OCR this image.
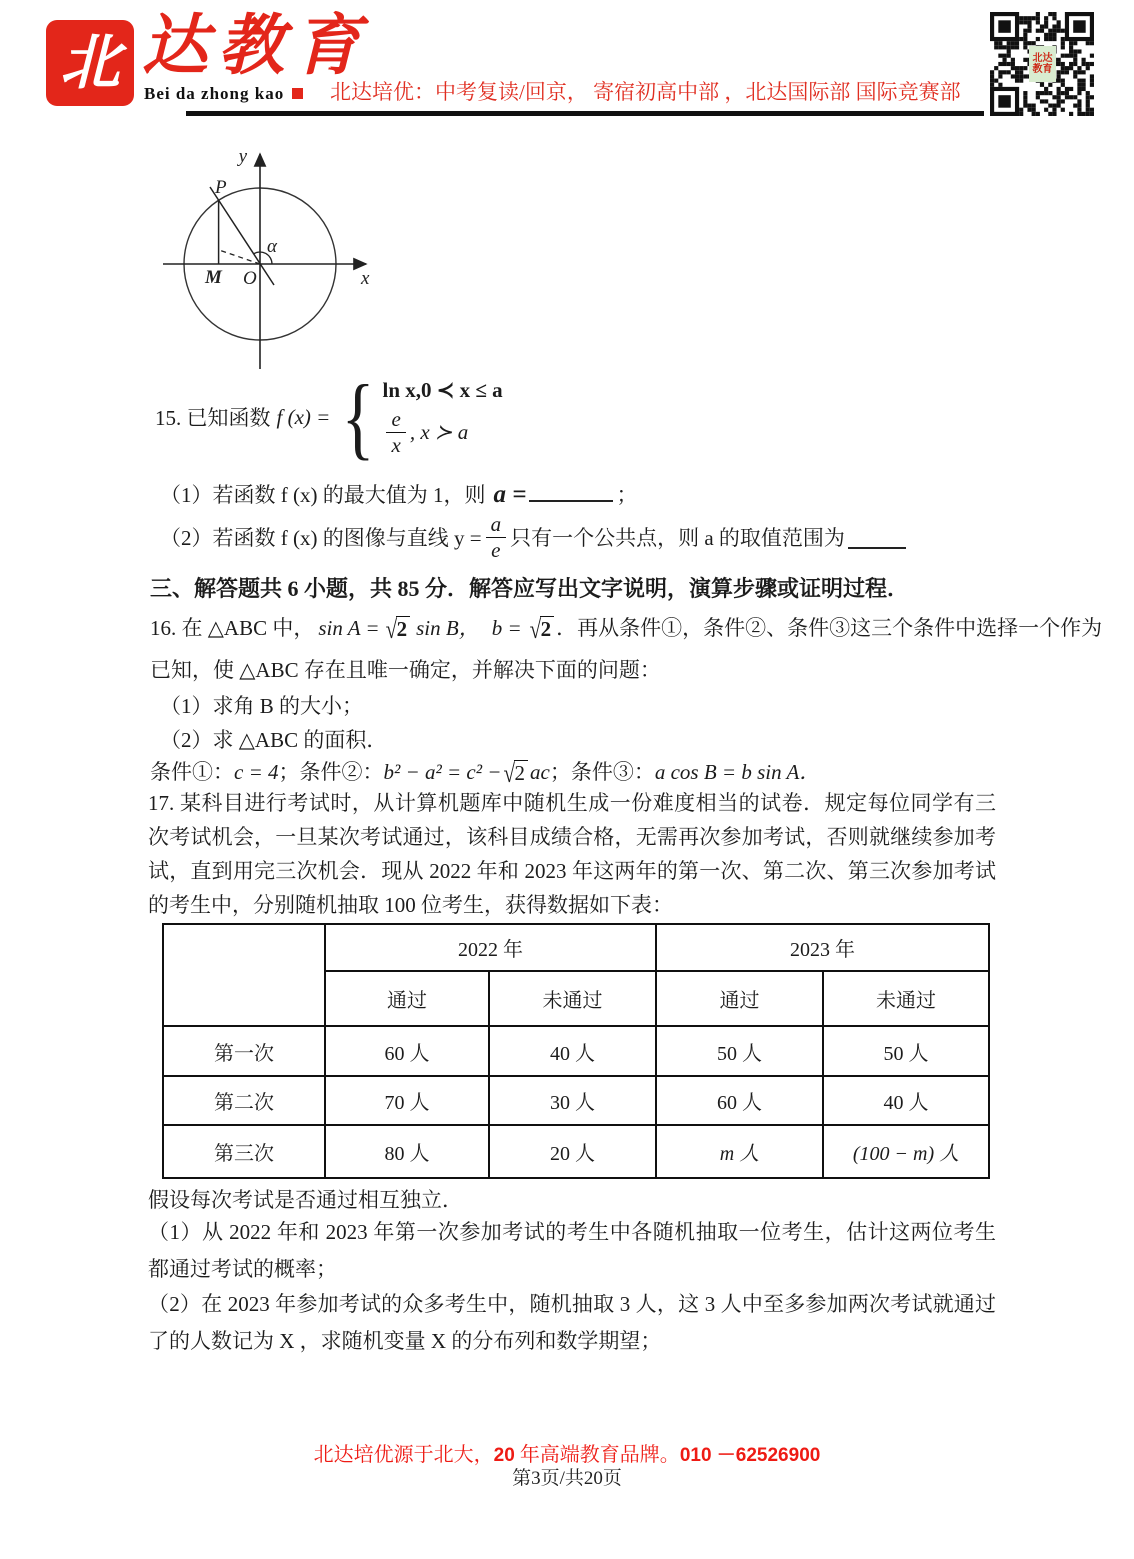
北 达教育
Bei da zhong kao	北达培优：中考复读/回京， 寄宿初高中部 ，北达国际部 国际竞赛部
北达
教育
y
x
P
M O
α
15. 已知函数 f (x) = { ln x,0 ≺ x ≤ a
$\frac{e}{x}$ , x ≻ a
（1）若函数 f (x) 的最大值为 1，则 a =	；
（2）若函数 f (x) 的图像与直线 $y = \frac{a}{e}$ 只有一个公共点，则 a 的取值范围为
三、解答题共 6 小题，共 85 分．解答应写出文字说明，演算步骤或证明过程．
16. 在 △ABC 中， sin A = √ 2 sin B， b = √ 2 ．再从条件①，条件②、条件③这三个条件中选择一个作为
已知，使 △ABC 存在且唯一确定，并解决下面的问题：
（1）求角 B 的大小；
（2）求 △ABC 的面积．
条件①： c = 4 ；条件②： b² − a² = c² − √ 2 ac ；条件③： a cos B = b sin A．
17. 某科目进行考试时，从计算机题库中随机生成一份难度相当的试卷．规定每位同学有三次考试机会，一旦某次考试通过，该科目成绩合格，无需再次参加考试，否则就继续参加考试，直到用完三次机会．现从 2022 年和 2023 年这两年的第一次、第二次、第三次参加考试的考生中，分别随机抽取 100 位考生，获得数据如下表：
	2022 年		2023 年	
	通过	未通过	通过	未通过
第一次	60 人	40 人	50 人	50 人
第二次	70 人	30 人	60 人	40 人
第三次	80 人	20 人	m 人	(100 − m) 人
假设每次考试是否通过相互独立．
（1）从 2022 年和 2023 年第一次参加考试的考生中各随机抽取一位考生，估计这两位考生都通过考试的概率；
（2）在 2023 年参加考试的众多考生中，随机抽取 3 人，这 3 人中至多参加两次考试就通过了的人数记为 X ，求随机变量 X 的分布列和数学期望；
北达培优源于北大，20 年高端教育品牌。010 －62526900
第3页/共20页
